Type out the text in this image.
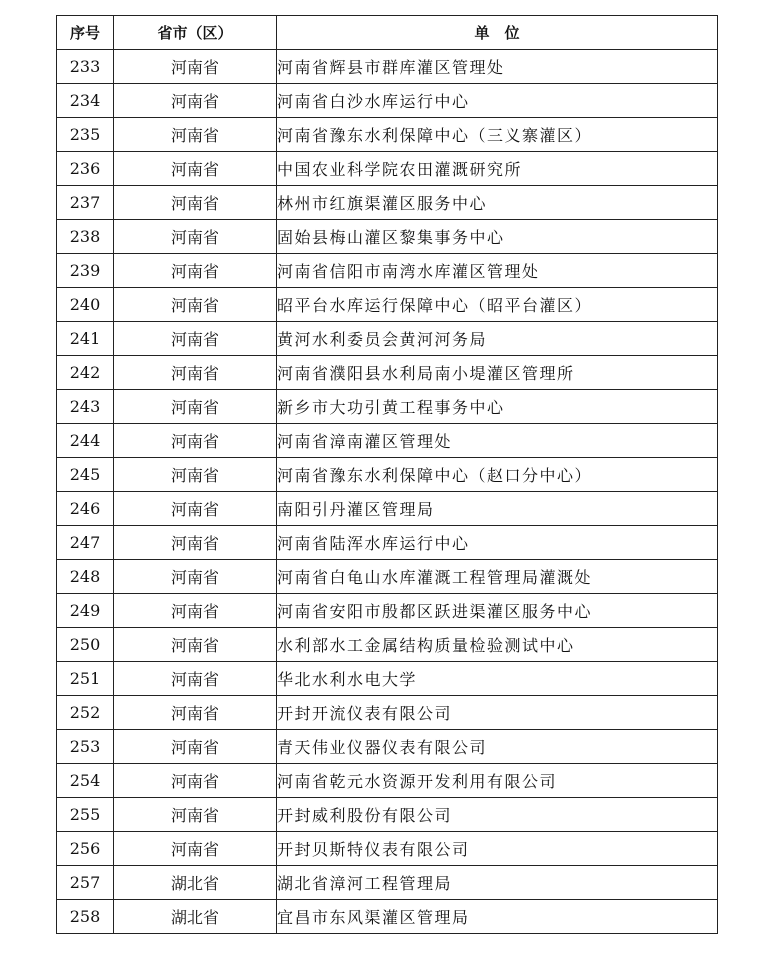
序号	省市（区）	单　位
233	河南省	河南省辉县市群库灌区管理处
234	河南省	河南省白沙水库运行中心
235	河南省	河南省豫东水利保障中心（三义寨灌区）
236	河南省	中国农业科学院农田灌溉研究所
237	河南省	林州市红旗渠灌区服务中心
238	河南省	固始县梅山灌区黎集事务中心
239	河南省	河南省信阳市南湾水库灌区管理处
240	河南省	昭平台水库运行保障中心（昭平台灌区）
241	河南省	黄河水利委员会黄河河务局
242	河南省	河南省濮阳县水利局南小堤灌区管理所
243	河南省	新乡市大功引黄工程事务中心
244	河南省	河南省漳南灌区管理处
245	河南省	河南省豫东水利保障中心（赵口分中心）
246	河南省	南阳引丹灌区管理局
247	河南省	河南省陆浑水库运行中心
248	河南省	河南省白龟山水库灌溉工程管理局灌溉处
249	河南省	河南省安阳市殷都区跃进渠灌区服务中心
250	河南省	水利部水工金属结构质量检验测试中心
251	河南省	华北水利水电大学
252	河南省	开封开流仪表有限公司
253	河南省	青天伟业仪器仪表有限公司
254	河南省	河南省乾元水资源开发利用有限公司
255	河南省	开封威利股份有限公司
256	河南省	开封贝斯特仪表有限公司
257	湖北省	湖北省漳河工程管理局
258	湖北省	宜昌市东风渠灌区管理局
